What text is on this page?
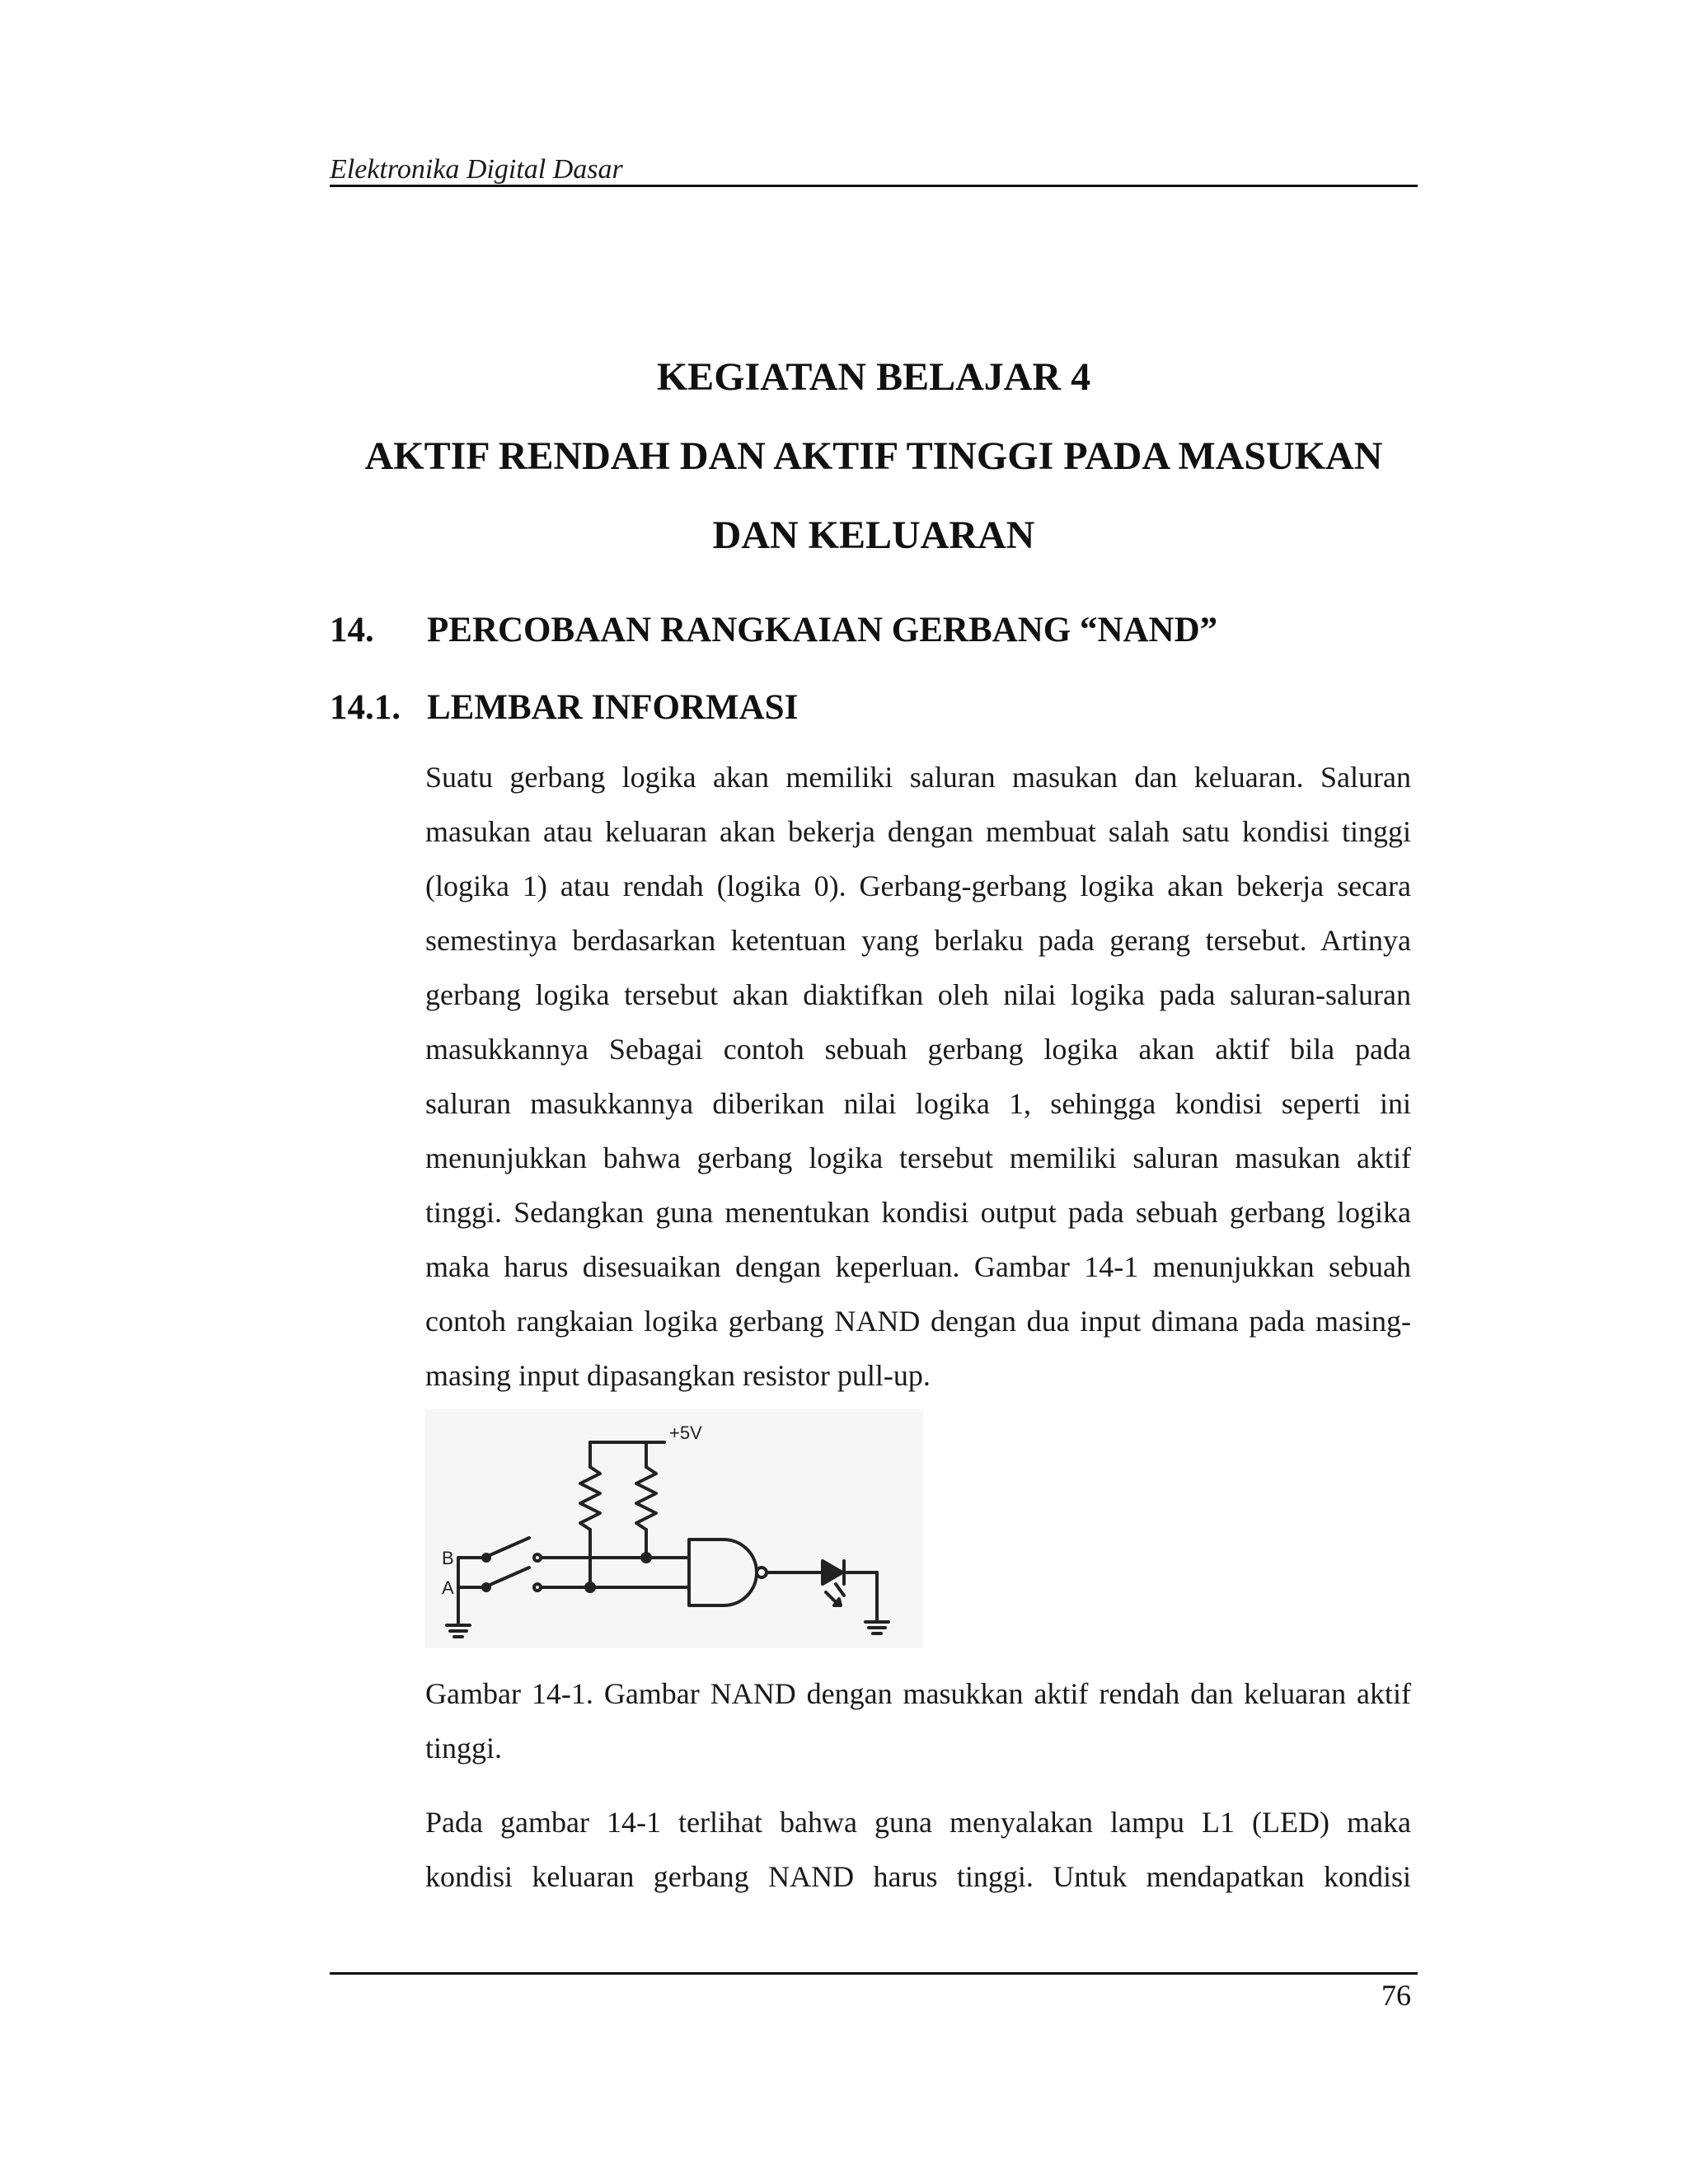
Elektronika Digital Dasar
KEGIATAN BELAJAR 4
AKTIF RENDAH DAN AKTIF TINGGI PADA MASUKAN
DAN KELUARAN
14. PERCOBAAN RANGKAIAN GERBANG “NAND”
14.1. LEMBAR INFORMASI
Suatu gerbang logika akan memiliki saluran masukan dan keluaran. Saluran
masukan atau keluaran akan bekerja dengan membuat salah satu kondisi tinggi
(logika 1) atau rendah (logika 0). Gerbang-gerbang logika akan bekerja secara
semestinya berdasarkan ketentuan yang berlaku pada gerang tersebut. Artinya
gerbang logika tersebut akan diaktifkan oleh nilai logika pada saluran-saluran
masukkannya Sebagai contoh sebuah gerbang logika akan aktif bila pada
saluran masukkannya diberikan nilai logika 1, sehingga kondisi seperti ini
menunjukkan bahwa gerbang logika tersebut memiliki saluran masukan aktif
tinggi. Sedangkan guna menentukan kondisi output pada sebuah gerbang logika
maka harus disesuaikan dengan keperluan. Gambar 14-1 menunjukkan sebuah
contoh rangkaian logika gerbang NAND dengan dua input dimana pada masing-
masing input dipasangkan resistor pull-up.
+5V
B
A
Gambar 14-1. Gambar NAND dengan masukkan aktif rendah dan keluaran aktif
tinggi.
Pada gambar 14-1 terlihat bahwa guna menyalakan lampu L1 (LED) maka
kondisi keluaran gerbang NAND harus tinggi. Untuk mendapatkan kondisi
76
